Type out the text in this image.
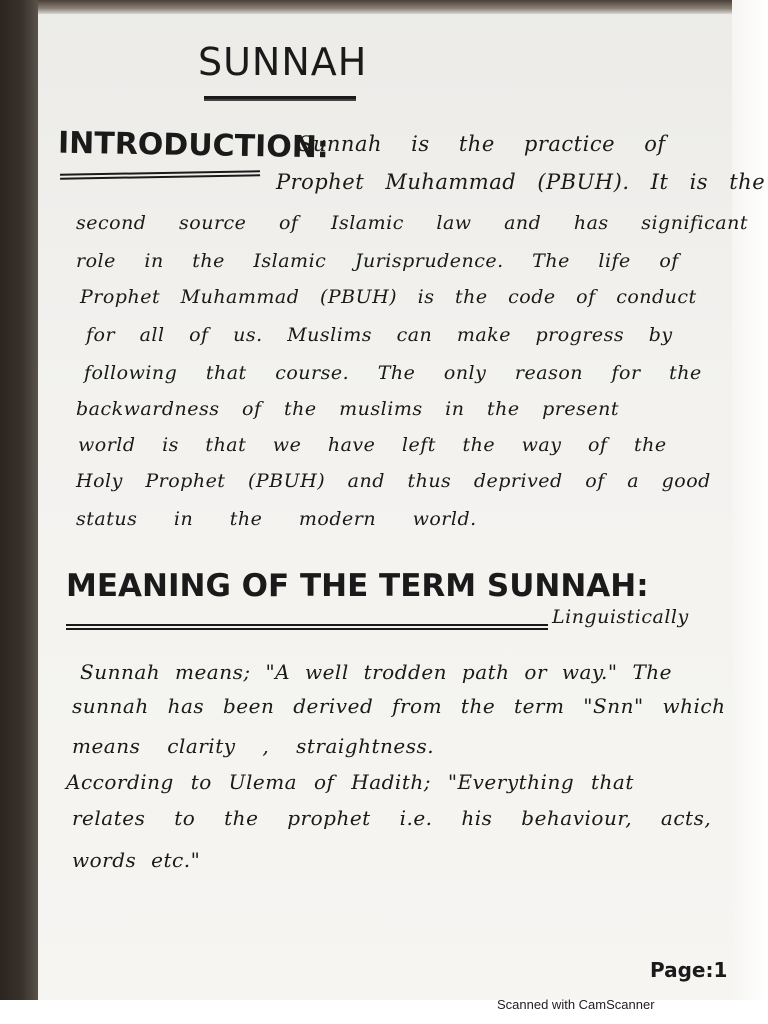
SUNNAH
INTRODUCTION:
Sunnah is the practice of
Prophet Muhammad (PBUH). It is the
second source of Islamic law and has significant
role in the Islamic Jurisprudence. The life of
Prophet Muhammad (PBUH) is the code of conduct
for all of us. Muslims can make progress by
following that course. The only reason for the
backwardness of the muslims in the present
world is that we have left the way of the
Holy Prophet (PBUH) and thus deprived of a good
status in the modern world.
MEANING OF THE TERM SUNNAH:
Linguistically
Sunnah means; "A well trodden path or way." The
sunnah has been derived from the term "Snn" which
means clarity , straightness.
According to Ulema of Hadith; "Everything that
relates to the prophet i.e. his behaviour, acts,
words etc."
Page:1
Scanned with CamScanner
